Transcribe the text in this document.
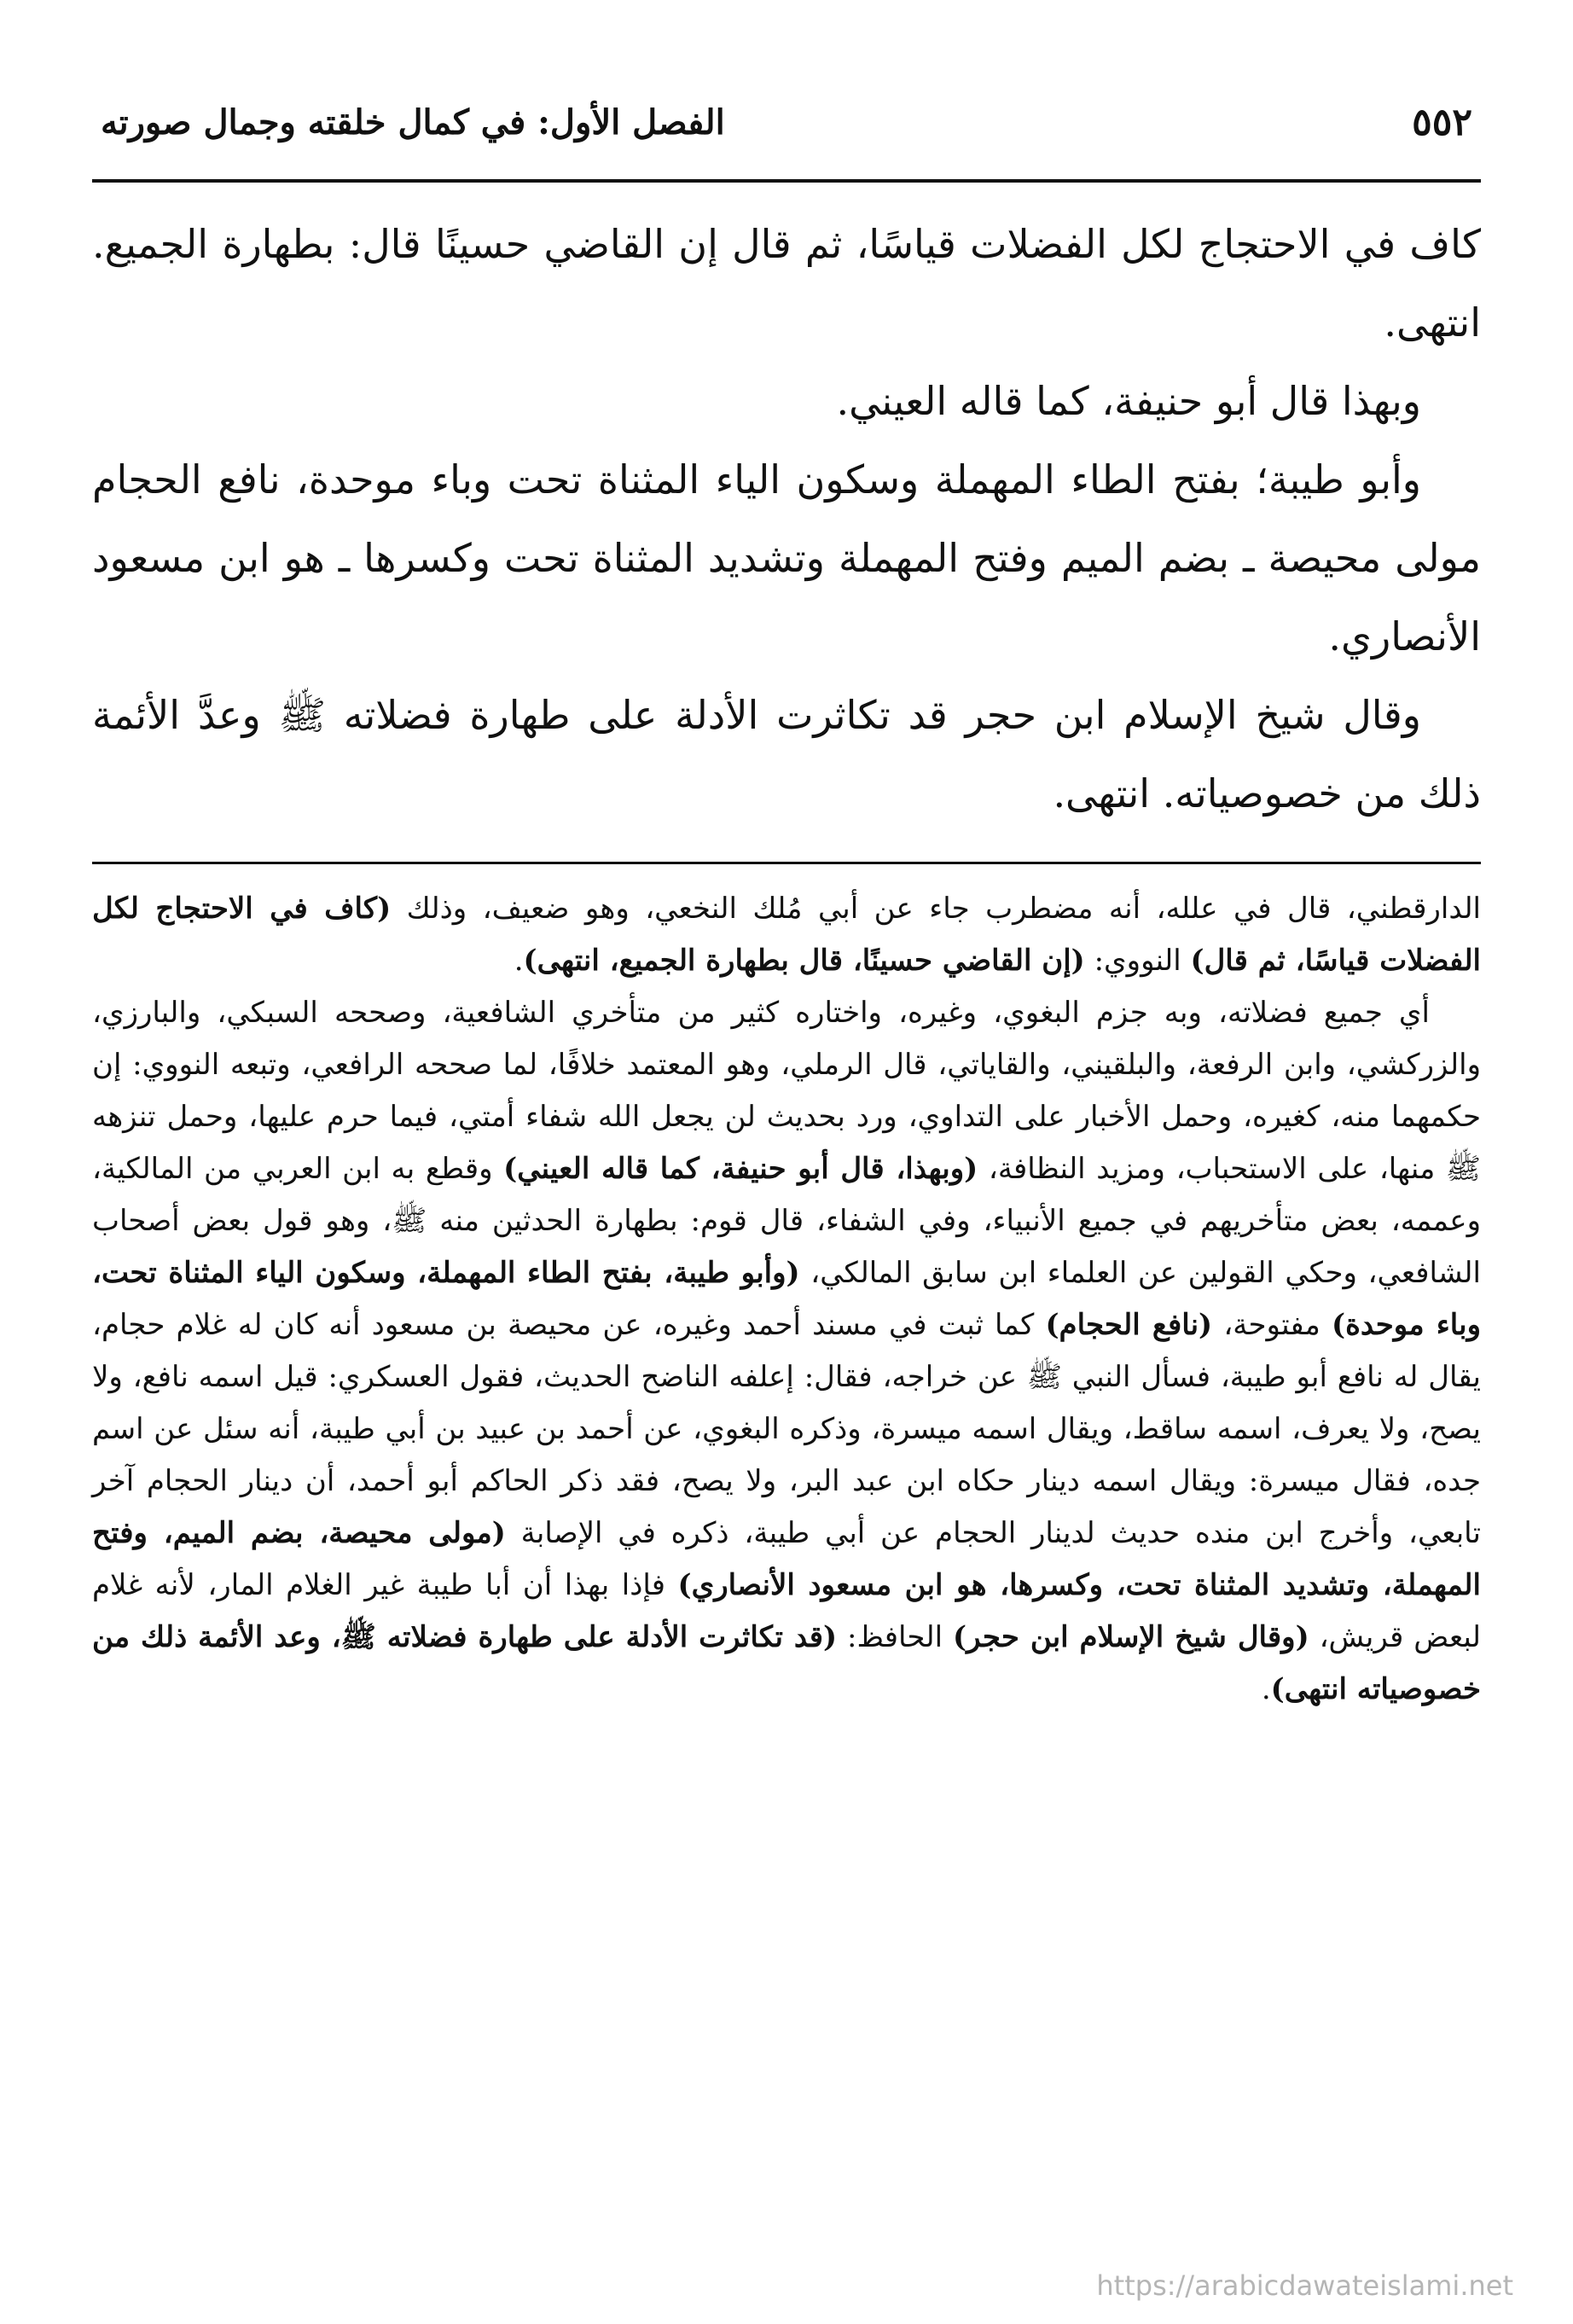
٥٥٢
الفصل الأول: في كمال خلقته وجمال صورته

كاف في الاحتجاج لكل الفضلات قياسًا، ثم قال إن القاضي حسينًا قال: بطهارة الجميع. انتهى.

وبهذا قال أبو حنيفة، كما قاله العيني.

وأبو طيبة؛ بفتح الطاء المهملة وسكون الياء المثناة تحت وباء موحدة، نافع الحجام مولى محيصة ـ بضم الميم وفتح المهملة وتشديد المثناة تحت وكسرها ـ هو ابن مسعود الأنصاري.

وقال شيخ الإسلام ابن حجر قد تكاثرت الأدلة على طهارة فضلاته ﷺ وعدَّ الأئمة ذلك من خصوصياته. انتهى.

الدارقطني، قال في علله، أنه مضطرب جاء عن أبي مُلك النخعي، وهو ضعيف، وذلك (كاف في الاحتجاج لكل الفضلات قياسًا، ثم قال) النووي: (إن القاضي حسينًا، قال بطهارة الجميع، انتهى).

أي جميع فضلاته، وبه جزم البغوي، وغيره، واختاره كثير من متأخري الشافعية، وصححه السبكي، والبارزي، والزركشي، وابن الرفعة، والبلقيني، والقاياتي، قال الرملي، وهو المعتمد خلافًا، لما صححه الرافعي، وتبعه النووي: إن حكمهما منه، كغيره، وحمل الأخبار على التداوي، ورد بحديث لن يجعل الله شفاء أمتي، فيما حرم عليها، وحمل تنزهه ﷺ منها، على الاستحباب، ومزيد النظافة، (وبهذا، قال أبو حنيفة، كما قاله العيني) وقطع به ابن العربي من المالكية، وعممه، بعض متأخريهم في جميع الأنبياء، وفي الشفاء، قال قوم: بطهارة الحدثين منه ﷺ، وهو قول بعض أصحاب الشافعي، وحكي القولين عن العلماء ابن سابق المالكي، (وأبو طيبة، بفتح الطاء المهملة، وسكون الياء المثناة تحت، وباء موحدة) مفتوحة، (نافع الحجام) كما ثبت في مسند أحمد وغيره، عن محيصة بن مسعود أنه كان له غلام حجام، يقال له نافع أبو طيبة، فسأل النبي ﷺ عن خراجه، فقال: إعلفه الناضح الحديث، فقول العسكري: قيل اسمه نافع، ولا يصح، ولا يعرف، اسمه ساقط، ويقال اسمه ميسرة، وذكره البغوي، عن أحمد بن عبيد بن أبي طيبة، أنه سئل عن اسم جده، فقال ميسرة: ويقال اسمه دينار حكاه ابن عبد البر، ولا يصح، فقد ذكر الحاكم أبو أحمد، أن دينار الحجام آخر تابعي، وأخرج ابن منده حديث لدينار الحجام عن أبي طيبة، ذكره في الإصابة (مولى محيصة، بضم الميم، وفتح المهملة، وتشديد المثناة تحت، وكسرها، هو ابن مسعود الأنصاري) فإذا بهذا أن أبا طيبة غير الغلام المار، لأنه غلام لبعض قريش، (وقال شيخ الإسلام ابن حجر) الحافظ: (قد تكاثرت الأدلة على طهارة فضلاته ﷺ، وعد الأئمة ذلك من خصوصياته انتهى).

https://arabicdawateislami.net
